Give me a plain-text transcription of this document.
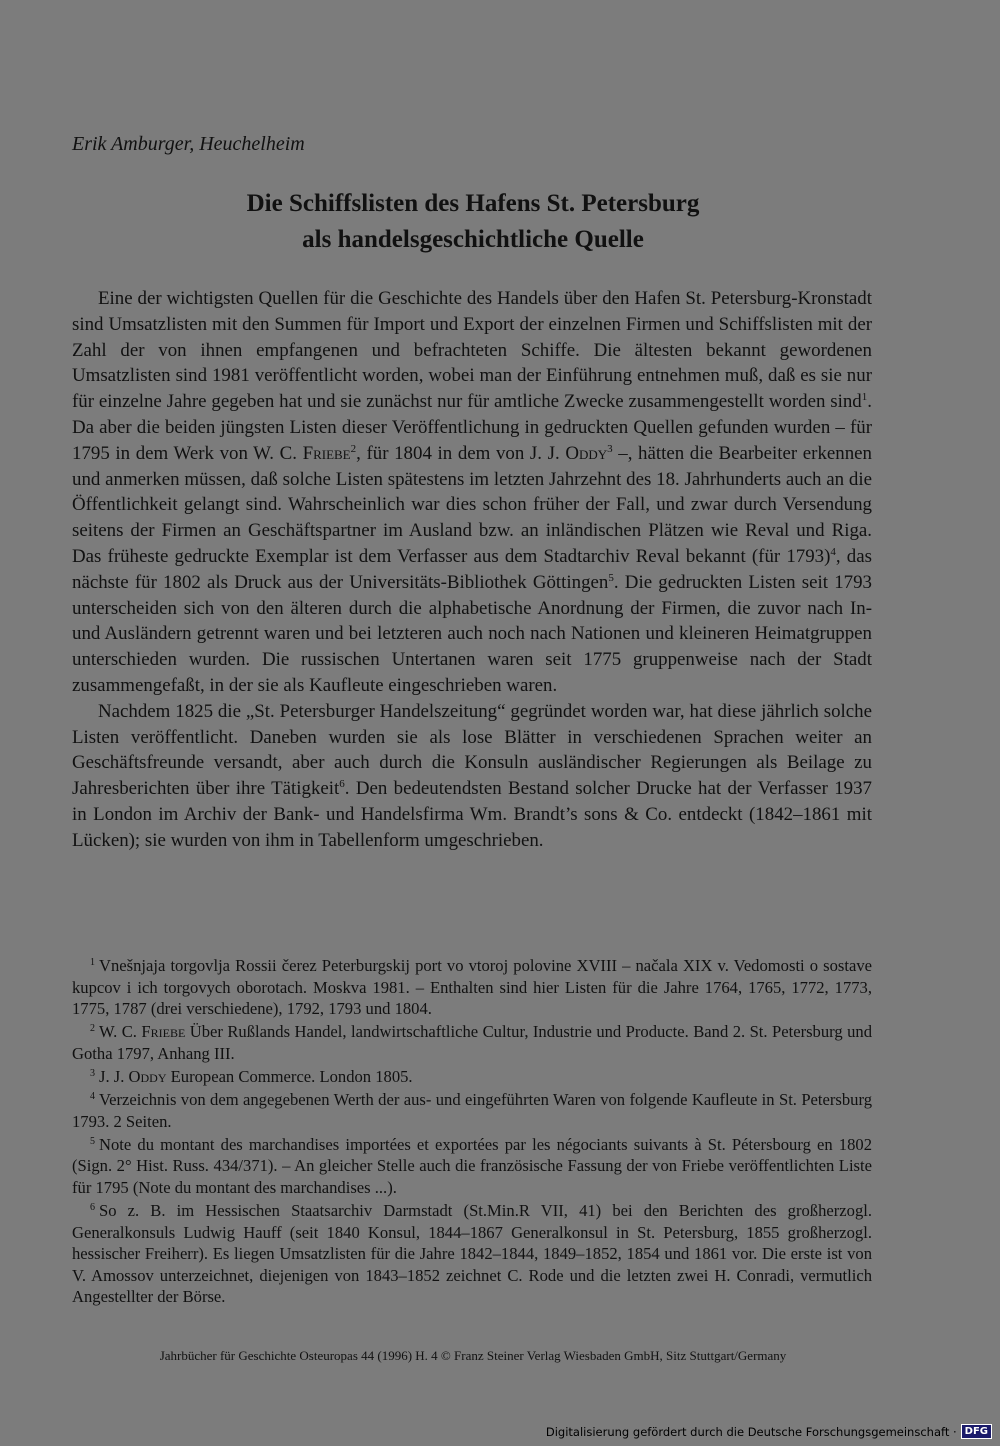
Erik Amburger, Heuchelheim

Die Schiffslisten des Hafens St. Petersburg
als handelsgeschichtliche Quelle

Eine der wichtigsten Quellen für die Geschichte des Handels über den Hafen St. Petersburg-Kronstadt sind Umsatzlisten mit den Summen für Import und Export der einzelnen Firmen und Schiffslisten mit der Zahl der von ihnen empfangenen und befrachteten Schiffe. Die ältesten bekannt gewordenen Umsatzlisten sind 1981 veröffentlicht worden, wobei man der Einführung entnehmen muß, daß es sie nur für einzelne Jahre gegeben hat und sie zunächst nur für amtliche Zwecke zusammengestellt worden sind$^1$. Da aber die beiden jüngsten Listen dieser Veröffentlichung in gedruckten Quellen gefunden wurden – für 1795 in dem Werk von W. C. Friebe$^2$, für 1804 in dem von J. J. Oddy$^3$ –, hätten die Bearbeiter erkennen und anmerken müssen, daß solche Listen spätestens im letzten Jahrzehnt des 18. Jahrhunderts auch an die Öffentlichkeit gelangt sind. Wahrscheinlich war dies schon früher der Fall, und zwar durch Versendung seitens der Firmen an Geschäftspartner im Ausland bzw. an inländischen Plätzen wie Reval und Riga. Das früheste gedruckte Exemplar ist dem Verfasser aus dem Stadtarchiv Reval bekannt (für 1793)$^4$, das nächste für 1802 als Druck aus der Universitäts-Bibliothek Göttingen$^5$. Die gedruckten Listen seit 1793 unterscheiden sich von den älteren durch die alphabetische Anordnung der Firmen, die zuvor nach In- und Ausländern getrennt waren und bei letzteren auch noch nach Nationen und kleineren Heimatgruppen unterschieden wurden. Die russischen Untertanen waren seit 1775 gruppenweise nach der Stadt zusammengefaßt, in der sie als Kaufleute eingeschrieben waren.

Nachdem 1825 die „St. Petersburger Handelszeitung“ gegründet worden war, hat diese jährlich solche Listen veröffentlicht. Daneben wurden sie als lose Blätter in verschiedenen Sprachen weiter an Geschäftsfreunde versandt, aber auch durch die Konsuln ausländischer Regierungen als Beilage zu Jahresberichten über ihre Tätigkeit$^6$. Den bedeutendsten Bestand solcher Drucke hat der Verfasser 1937 in London im Archiv der Bank- und Handelsfirma Wm. Brandt’s sons & Co. entdeckt (1842–1861 mit Lücken); sie wurden von ihm in Tabellenform umgeschrieben.

$^1$ Vnešnjaja torgovlja Rossii čerez Peterburgskij port vo vtoroj polovine XVIII – načala XIX v. Vedomosti o sostave kupcov i ich torgovych oborotach. Moskva 1981. – Enthalten sind hier Listen für die Jahre 1764, 1765, 1772, 1773, 1775, 1787 (drei verschiedene), 1792, 1793 und 1804.

$^2$ W. C. Friebe Über Rußlands Handel, landwirtschaftliche Cultur, Industrie und Producte. Band 2. St. Petersburg und Gotha 1797, Anhang III.

$^3$ J. J. Oddy European Commerce. London 1805.

$^4$ Verzeichnis von dem angegebenen Werth der aus- und eingeführten Waren von folgende Kaufleute in St. Petersburg 1793. 2 Seiten.

$^5$ Note du montant des marchandises importées et exportées par les négociants suivants à St. Pétersbourg en 1802 (Sign. 2° Hist. Russ. 434/371). – An gleicher Stelle auch die französische Fassung der von Friebe veröffentlichten Liste für 1795 (Note du montant des marchandises ...).

$^6$ So z. B. im Hessischen Staatsarchiv Darmstadt (St.Min.R VII, 41) bei den Berichten des großherzogl. Generalkonsuls Ludwig Hauff (seit 1840 Konsul, 1844–1867 Generalkonsul in St. Petersburg, 1855 großherzogl. hessischer Freiherr). Es liegen Umsatzlisten für die Jahre 1842–1844, 1849–1852, 1854 und 1861 vor. Die erste ist von V. Amossov unterzeichnet, diejenigen von 1843–1852 zeichnet C. Rode und die letzten zwei H. Conradi, vermutlich Angestellter der Börse.

Jahrbücher für Geschichte Osteuropas 44 (1996) H. 4 © Franz Steiner Verlag Wiesbaden GmbH, Sitz Stuttgart/Germany

Digitalisierung gefördert durch die Deutsche Forschungsgemeinschaft · DFG
